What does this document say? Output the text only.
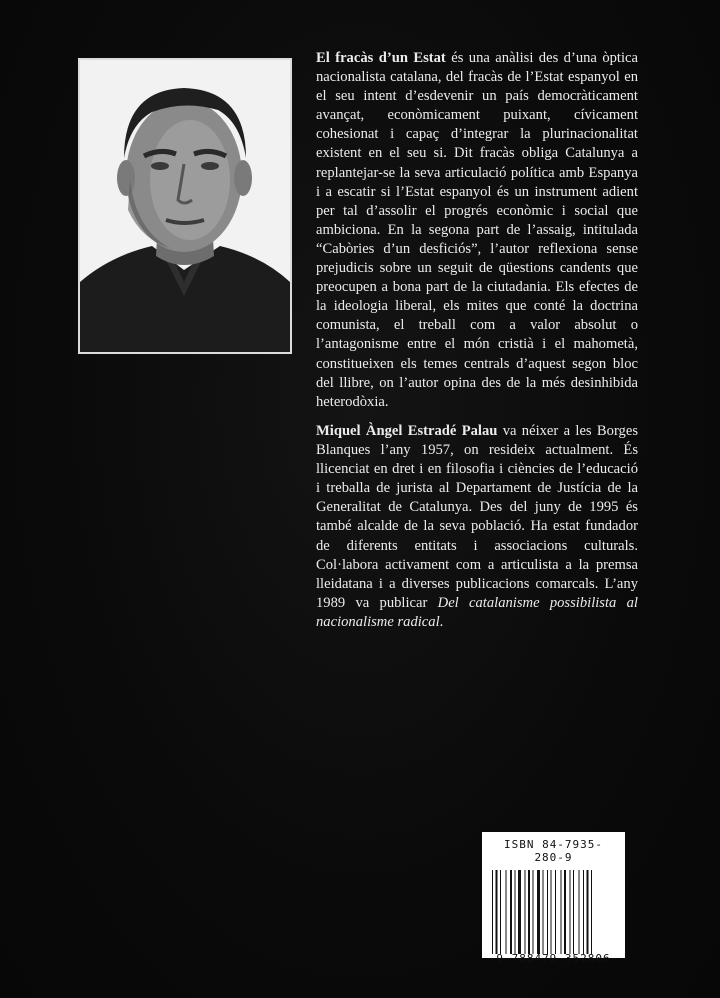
El fracàs d’un Estat és una anàlisi des d’una òptica nacionalista catalana, del fracàs de l’Estat espanyol en el seu intent d’esdevenir un país democràticament avançat, econòmicament puixant, cívicament cohesionat i capaç d’integrar la plurinacionalitat existent en el seu si. Dit fracàs obliga Catalunya a replantejar-se la seva articulació política amb Espanya i a escatir si l’Estat espanyol és un instrument adient per tal d’assolir el progrés econòmic i social que ambiciona. En la segona part de l’assaig, intitulada “Cabòries d’un desficiós”, l’autor reflexiona sense prejudicis sobre un seguit de qüestions candents que preocupen a bona part de la ciutadania. Els efectes de la ideologia liberal, els mites que conté la doctrina comunista, el treball com a valor absolut o l’antagonisme entre el món cristià i el mahometà, constitueixen els temes centrals d’aquest segon bloc del llibre, on l’autor opina des de la més desinhibida heterodòxia.
Miquel Àngel Estradé Palau va néixer a les Borges Blanques l’any 1957, on resideix actualment. És llicenciat en dret i en filosofia i ciències de l’educació i treballa de jurista al Departament de Justícia de la Generalitat de Catalunya. Des del juny de 1995 és també alcalde de la seva població. Ha estat fundador de diferents entitats i associacions culturals. Col·labora activament com a articulista a la premsa lleidatana i a diverses publicacions comarcals. L’any 1989 va publicar Del catalanisme possibilista al nacionalisme radical.
ISBN 84-7935-280-9
9 788479 352806
